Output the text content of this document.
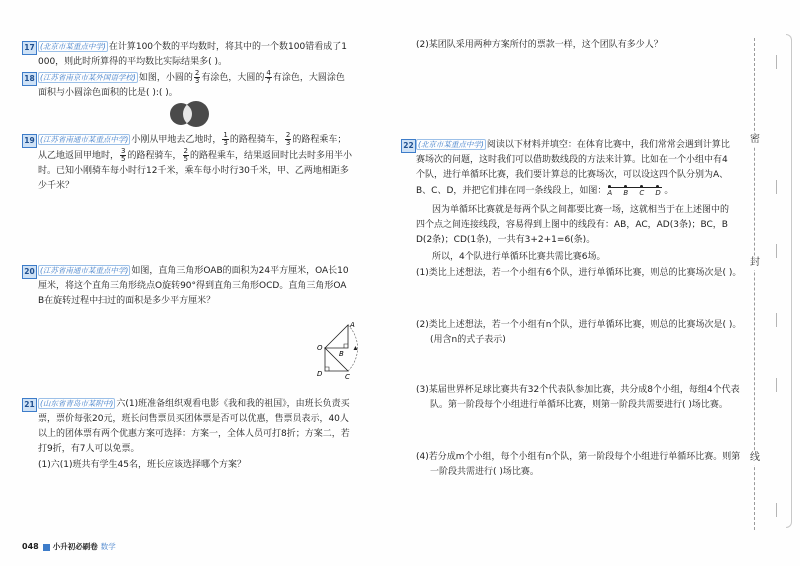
17 (北京市某重点中学) 在计算100个数的平均数时，将其中的一个数100错看成了1000，则此时所算得的平均数比实际结果多( )。
18 (江苏省南京市某外国语学校) 如图，小圆的 $\frac{2}{3}$ 有涂色，大圆的 $\frac{4}{7}$ 有涂色，大圆涂色面积与小圆涂色面积的比是( ):( )。
19 (江苏省南通市某重点中学) 小刚从甲地去乙地时， $\frac{1}{3}$ 的路程骑车， $\frac{2}{3}$ 的路程乘车；从乙地返回甲地时， $\frac{3}{5}$ 的路程骑车， $\frac{2}{5}$ 的路程乘车，结果返回时比去时多用半小时。已知小刚骑车每小时行12千米，乘车每小时行30千米，甲、乙两地相距多少千米？
20 (江苏省南通市某重点中学) 如图，直角三角形OAB的面积为24平方厘米，OA长10厘米，将这个直角三角形绕点O旋转90°得到直角三角形OCD。直角三角形OAB在旋转过程中扫过的面积是多少平方厘米？
A
B
O
D	C
21 (山东省青岛市某附中) 六(1)班准备组织观看电影《我和我的祖国》，由班长负责买票，票价每张20元，班长问售票员买团体票是否可以优惠，售票员表示，40人以上的团体票有两个优惠方案可选择：方案一，全体人员可打8折；方案二，若打9折，有7人可以免票。
(1)六(1)班共有学生45名，班长应该选择哪个方案？
048 小升初必刷卷 数学
(2)某团队采用两种方案所付的票款一样，这个团队有多少人？
22 (北京市某重点中学) 阅读以下材料并填空：在体育比赛中，我们常常会遇到计算比赛场次的问题，这时我们可以借助数线段的方法来计算。比如在一个小组中有4个队，进行单循环比赛，我们要计算总的比赛场次，可以设这四个队分别为A、B、C、D，并把它们排在同一条线段上，如图： A B C D 。
因为单循环比赛就是每两个队之间都要比赛一场，这就相当于在上述图中的四个点之间连接线段，容易得到上图中的线段有：AB，AC，AD(3条)；BC，BD(2条)；CD(1条)，一共有3+2+1=6(条)。
所以，4个队进行单循环比赛共需比赛6场。
(1)类比上述想法，若一个小组有6个队，进行单循环比赛，则总的比赛场次是( )。
(2)类比上述想法，若一个小组有n个队，进行单循环比赛，则总的比赛场次是( )。(用含n的式子表示)
(3)某届世界杯足球比赛共有32个代表队参加比赛，共分成8个小组，每组4个代表队。第一阶段每个小组进行单循环比赛，则第一阶段共需要进行( )场比赛。
(4)若分成m个小组，每个小组有n个队，第一阶段每个小组进行单循环比赛。则第一阶段共需进行( )场比赛。
密
封
线
